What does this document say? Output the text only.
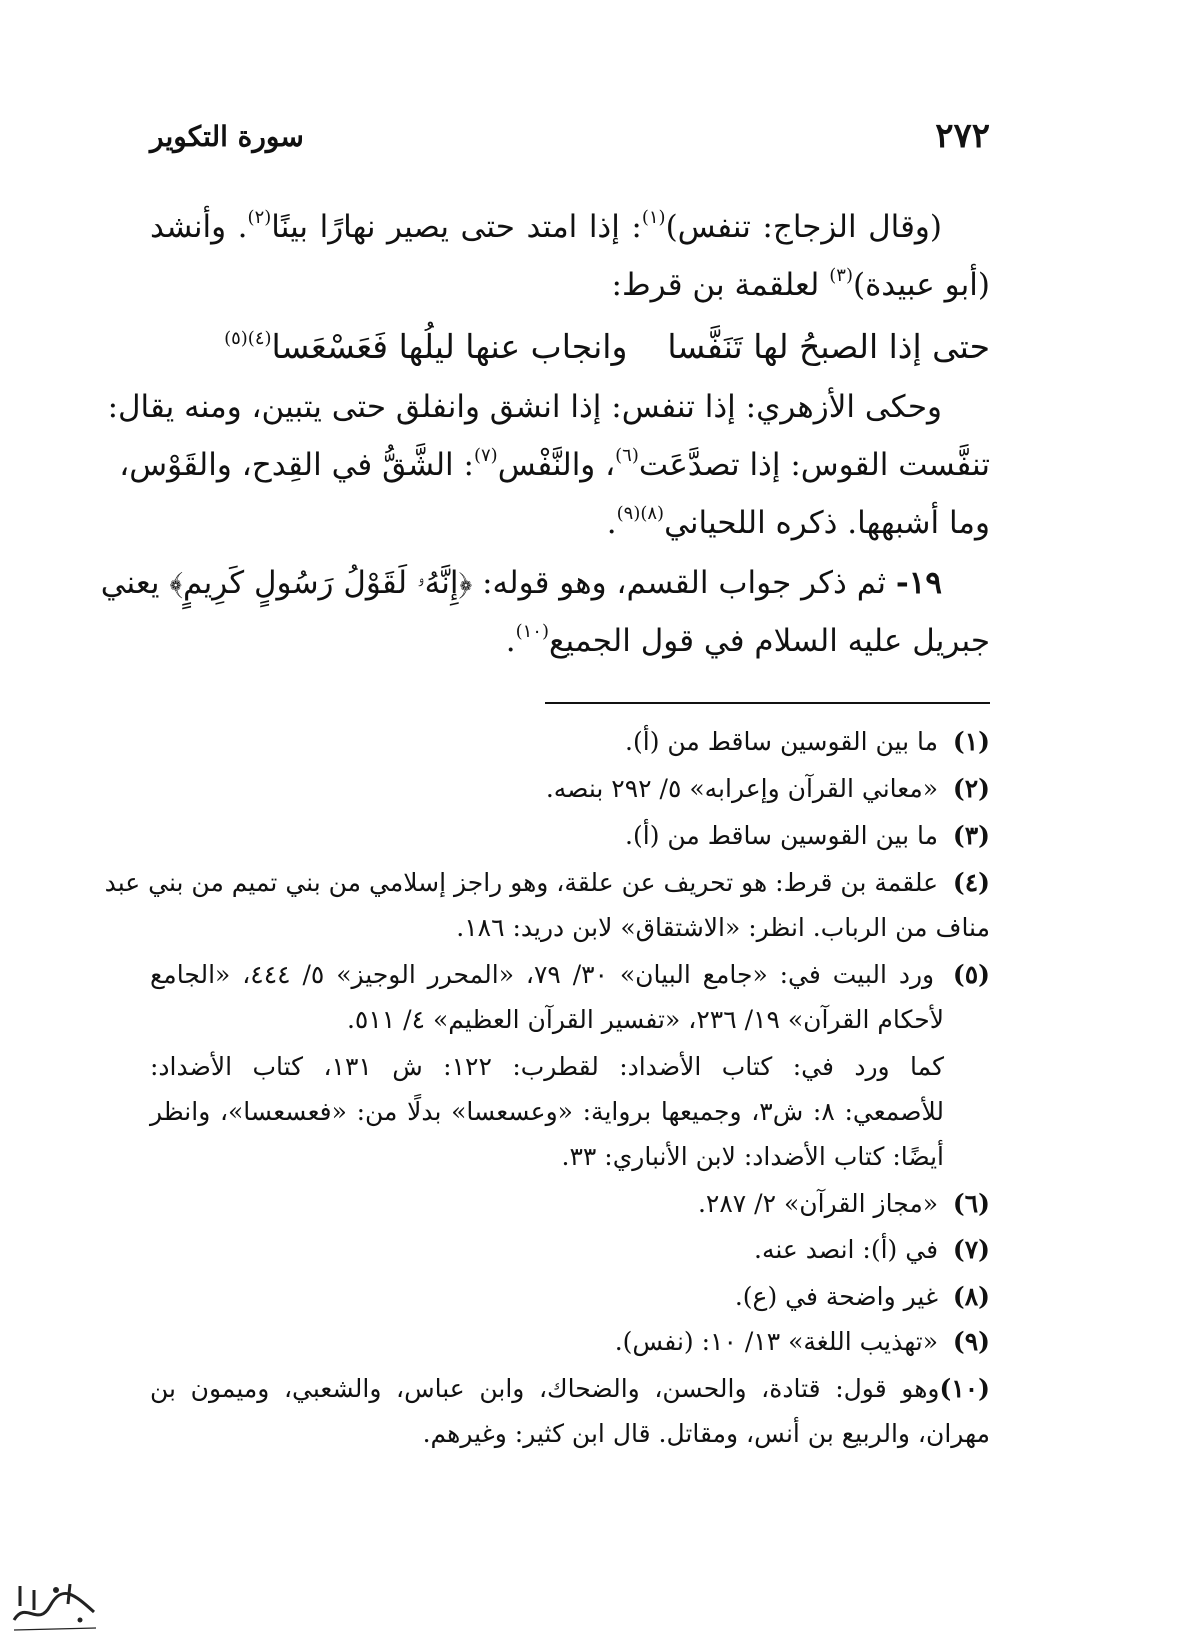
٢٧٢
سورة التكوير
(وقال الزجاج: تنفس)$^{(١)}$: إذا امتد حتى يصير نهارًا بينًا$^{(٢)}$. وأنشد
(أبو عبيدة)$^{(٣)}$ لعلقمة بن قرط:
حتى إذا الصبحُ لها تَنَفَّساوانجاب عنها ليلُها فَعَسْعَسا$^{(٤)(٥)}$
وحكى الأزهري: إذا تنفس: إذا انشق وانفلق حتى يتبين، ومنه يقال:
تنفَّست القوس: إذا تصدَّعَت$^{(٦)}$، والنَّفْس$^{(٧)}$: الشَّقُّ في القِدح، والقَوْس،
وما أشبهها. ذكره اللحياني$^{(٨)(٩)}$.
١٩- ثم ذكر جواب القسم، وهو قوله: ﴿إِنَّهُۥ لَقَوْلُ رَسُولٍ كَرِيمٍ﴾ يعني
جبريل عليه السلام في قول الجميع$^{(١٠)}$.
(١) ما بين القوسين ساقط من (أ).
(٢) «معاني القرآن وإعرابه» ٥/ ٢٩٢ بنصه.
(٣) ما بين القوسين ساقط من (أ).
(٤) علقمة بن قرط: هو تحريف عن علقة، وهو راجز إسلامي من بني تميم من بني عبد
مناف من الرباب. انظر: «الاشتقاق» لابن دريد: ١٨٦.
(٥) ورد البيت في: «جامع البيان» ٣٠/ ٧٩، «المحرر الوجيز» ٥/ ٤٤٤، «الجامع
لأحكام القرآن» ١٩/ ٢٣٦، «تفسير القرآن العظيم» ٤/ ٥١١.
كما ورد في: كتاب الأضداد: لقطرب: ١٢٢: ش ١٣١، كتاب الأضداد:
للأصمعي: ٨: ش٣، وجميعها برواية: «وعسعسا» بدلًا من: «فعسعسا»، وانظر
أيضًا: كتاب الأضداد: لابن الأنباري: ٣٣.
(٦) «مجاز القرآن» ٢/ ٢٨٧.
(٧) في (أ): انصد عنه.
(٨) غير واضحة في (ع).
(٩) «تهذيب اللغة» ١٣/ ١٠: (نفس).
(١٠)وهو قول: قتادة، والحسن، والضحاك، وابن عباس، والشعبي، وميمون بن
مهران، والربيع بن أنس، ومقاتل. قال ابن كثير: وغيرهم.
